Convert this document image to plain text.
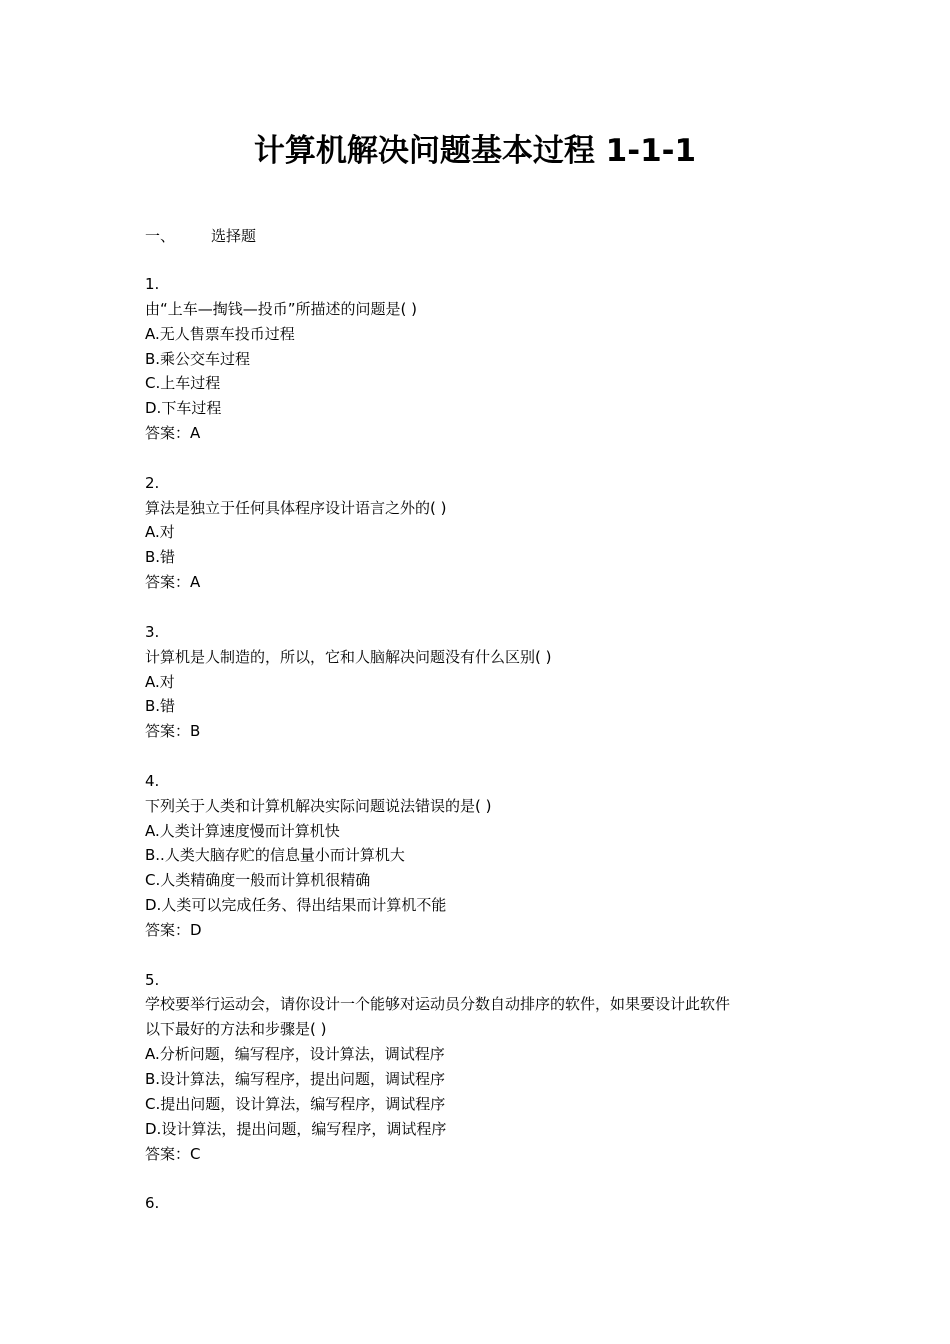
计算机解决问题基本过程 1-1-1
一、 选择题
1.
由“上车—掏钱—投币”所描述的问题是( )
A.无人售票车投币过程
B.乘公交车过程
C.上车过程
D.下车过程
答案：A
2.
算法是独立于任何具体程序设计语言之外的( )
A.对
B.错
答案：A
3.
计算机是人制造的，所以，它和人脑解决问题没有什么区别( )
A.对
B.错
答案：B
4.
下列关于人类和计算机解决实际问题说法错误的是( )
A.人类计算速度慢而计算机快
B..人类大脑存贮的信息量小而计算机大
C.人类精确度一般而计算机很精确
D.人类可以完成任务、得出结果而计算机不能
答案：D
5.
学校要举行运动会，请你设计一个能够对运动员分数自动排序的软件，如果要设计此软件
以下最好的方法和步骤是( )
A.分析问题，编写程序，设计算法，调试程序
B.设计算法，编写程序，提出问题，调试程序
C.提出问题，设计算法，编写程序，调试程序
D.设计算法，提出问题，编写程序，调试程序
答案：C
6.
